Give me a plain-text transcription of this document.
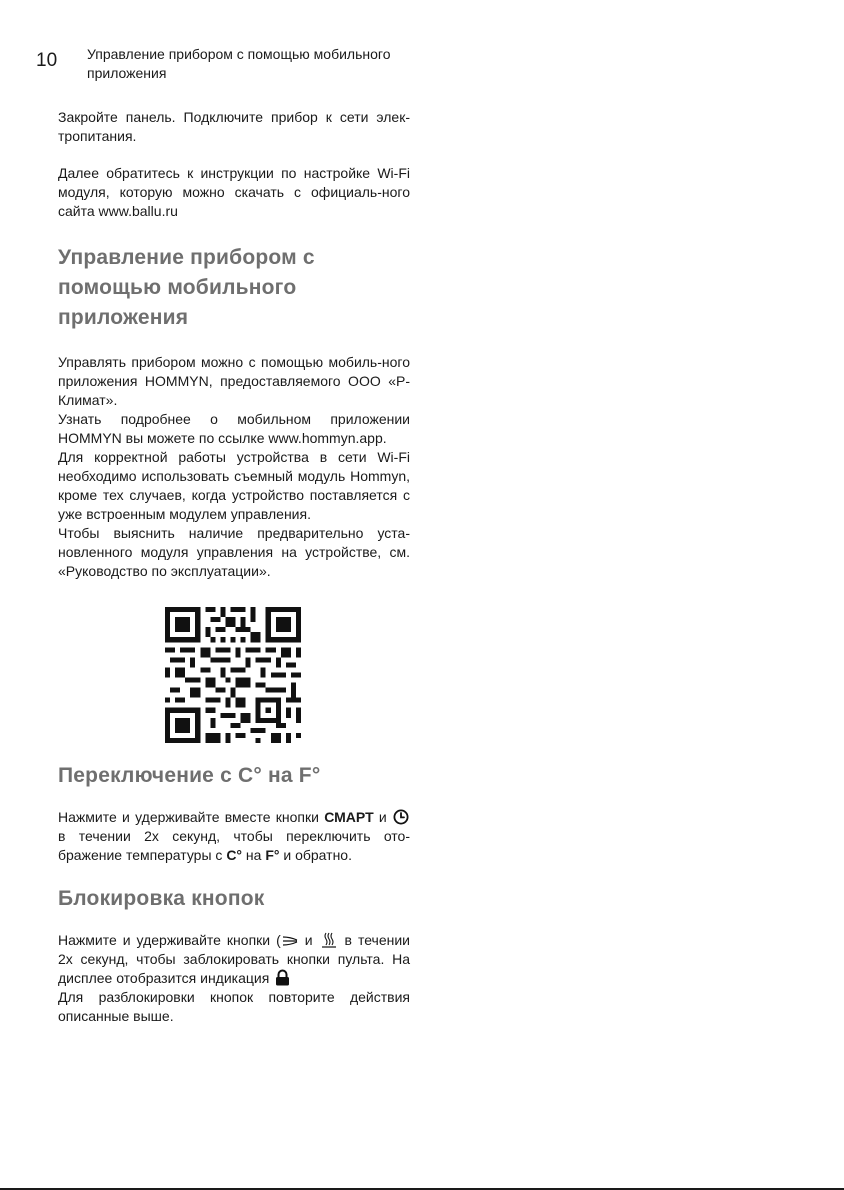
10 Управление прибором с помощью мобильного приложения

Закройте панель. Подключите прибор к сети элек-тропитания.

Далее обратитесь к инструкции по настройке Wi-Fi модуля, которую можно скачать с официаль-ного сайта www.ballu.ru

Управление прибором с помощью мобильного приложения

Управлять прибором можно с помощью мобиль-ного приложения HOMMYN, предоставляемого ООО «Р-Климат».

Узнать подробнее о мобильном приложении HOMMYN вы можете по ссылке www.hommyn.app.

Для корректной работы устройства в сети Wi-Fi необходимо использовать съемный модуль Hommyn, кроме тех случаев, когда устройство поставляется с уже встроенным модулем управления.

Чтобы выяснить наличие предварительно уста-новленного модуля управления на устройстве, см. «Руководство по эксплуатации».

Переключение с C° на F°

Нажмите и удерживайте вместе кнопки СМАРТ и  в течении 2х секунд, чтобы переключить ото-бражение температуры с C° на F° и обратно.

Блокировка кнопок

Нажмите и удерживайте кнопки ( и  в течении 2х секунд, чтобы заблокировать кнопки пульта. На дисплее отобразится индикация

Для разблокировки кнопок повторите действия описанные выше.
